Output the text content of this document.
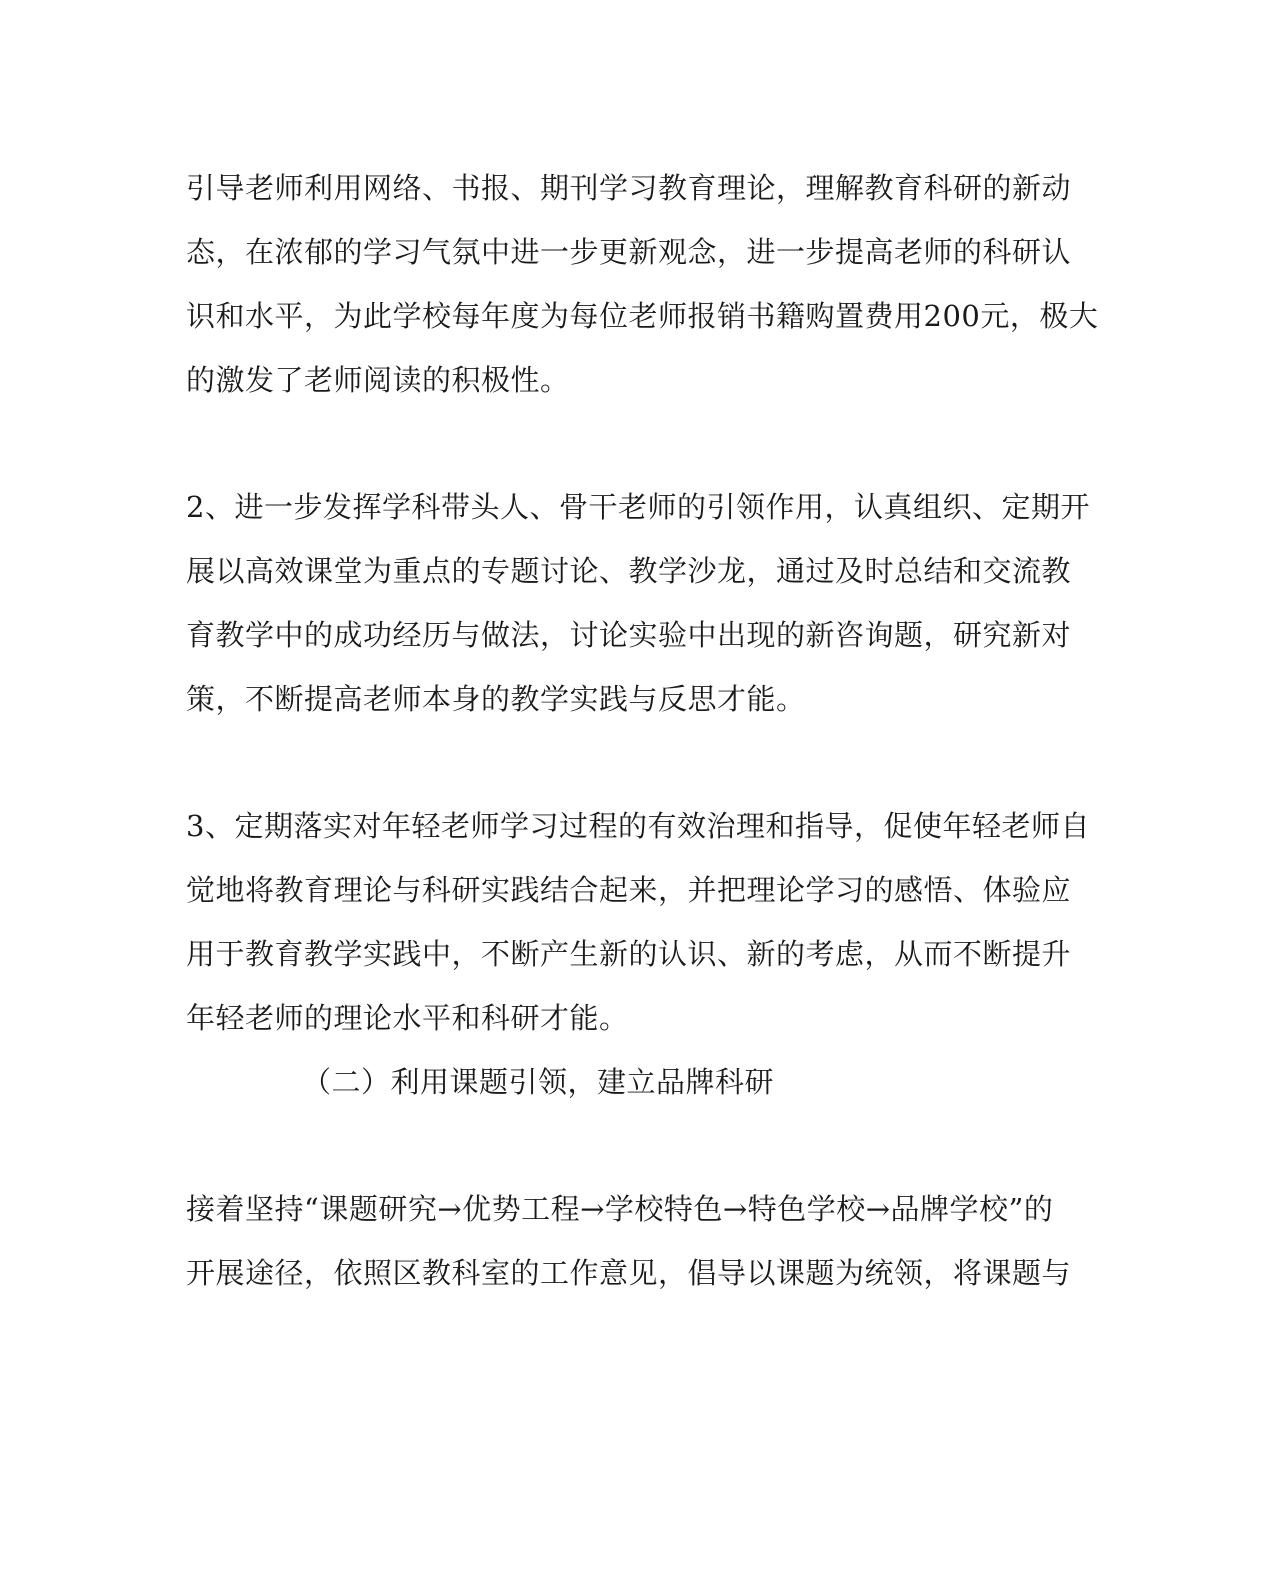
引导老师利用网络、书报、期刊学习教育理论，理解教育科研的新动

态，在浓郁的学习气氛中进一步更新观念，进一步提高老师的科研认

识和水平，为此学校每年度为每位老师报销书籍购置费用200元，极大

的激发了老师阅读的积极性。

2、进一步发挥学科带头人、骨干老师的引领作用，认真组织、定期开

展以高效课堂为重点的专题讨论、教学沙龙，通过及时总结和交流教

育教学中的成功经历与做法，讨论实验中出现的新咨询题，研究新对

策，不断提高老师本身的教学实践与反思才能。

3、定期落实对年轻老师学习过程的有效治理和指导，促使年轻老师自

觉地将教育理论与科研实践结合起来，并把理论学习的感悟、体验应

用于教育教学实践中，不断产生新的认识、新的考虑，从而不断提升

年轻老师的理论水平和科研才能。

（二）利用课题引领，建立品牌科研

接着坚持“课题研究→优势工程→学校特色→特色学校→品牌学校”的

开展途径，依照区教科室的工作意见，倡导以课题为统领，将课题与
